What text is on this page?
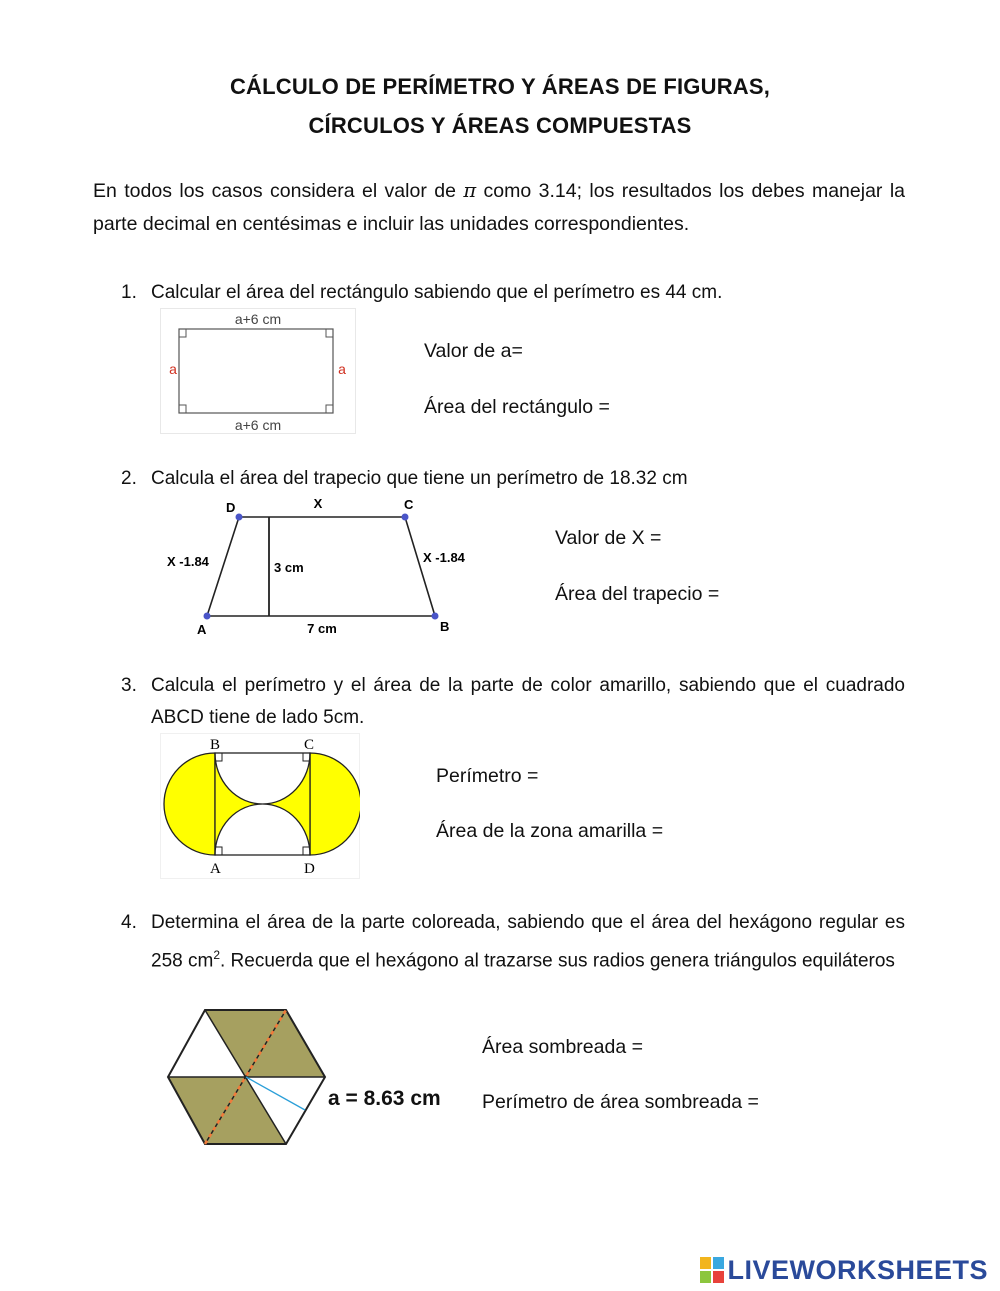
CÁLCULO DE PERÍMETRO Y ÁREAS DE FIGURAS,
CÍRCULOS Y ÁREAS COMPUESTAS
En todos los casos considera el valor de π como 3.14; los resultados los debes manejar la parte decimal en centésimas e incluir las unidades correspondientes.
1. Calcular el área del rectángulo sabiendo que el perímetro es 44 cm.
a+6 cm
a+6 cm
a	a
Valor de a=
Área del rectángulo =
2. Calcula el área del trapecio que tiene un perímetro de 18.32 cm
D	C
A	B
X
X -1.84	X -1.84
3 cm
7 cm
Valor de X =
Área del trapecio =
3. Calcula el perímetro y el área de la parte de color amarillo, sabiendo que el cuadrado ABCD tiene de lado 5cm.
B	C
A	D
Perímetro =
Área de la zona amarilla =
4. Determina el área de la parte coloreada, sabiendo que el área del hexágono regular es 258 $cm^2$. Recuerda que el hexágono al trazarse sus radios genera triángulos equiláteros
a = 8.63 cm
Área sombreada =
Perímetro de área sombreada =
LIVEWORKSHEETS
